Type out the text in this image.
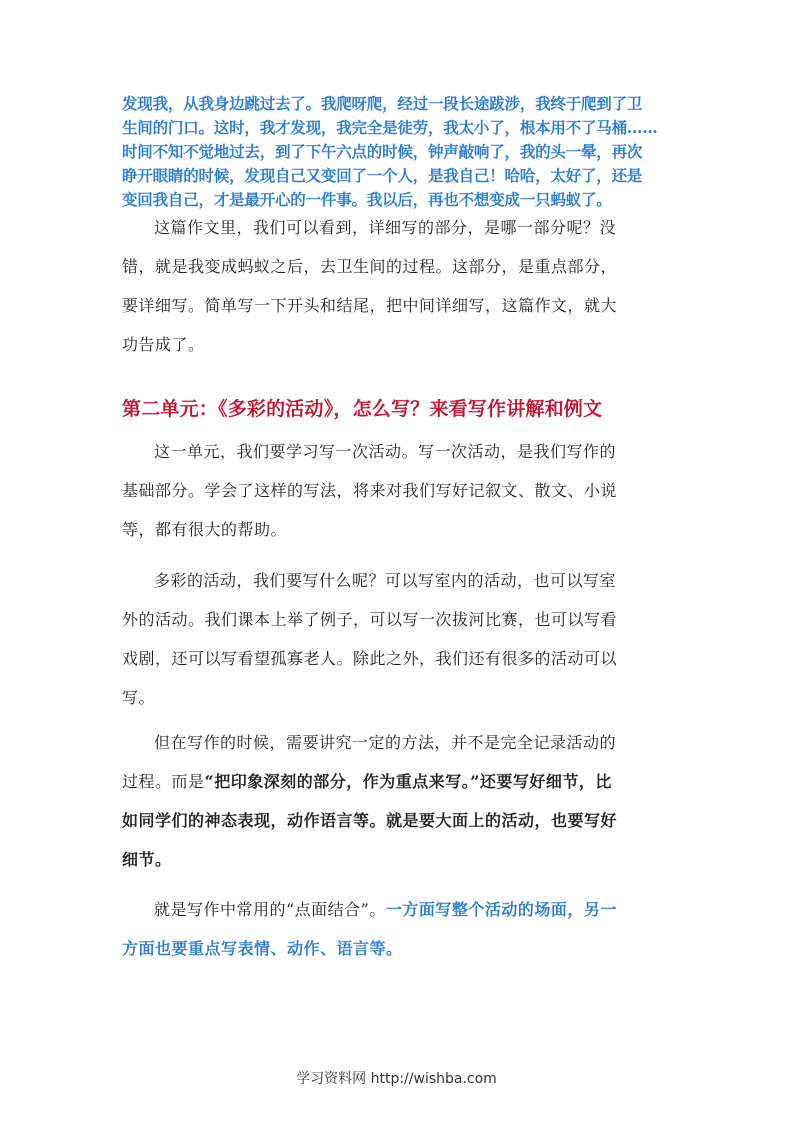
发现我，从我身边跳过去了。我爬呀爬，经过一段长途跋涉，我终于爬到了卫
生间的门口。这时，我才发现，我完全是徒劳，我太小了，根本用不了马桶……
时间不知不觉地过去，到了下午六点的时候，钟声敲响了，我的头一晕，再次
睁开眼睛的时候，发现自己又变回了一个人，是我自己！哈哈，太好了，还是
变回我自己，才是最开心的一件事。我以后，再也不想变成一只蚂蚁了。
这篇作文里，我们可以看到，详细写的部分，是哪一部分呢？没
错，就是我变成蚂蚁之后，去卫生间的过程。这部分，是重点部分，
要详细写。简单写一下开头和结尾，把中间详细写，这篇作文，就大
功告成了。
第二单元：《多彩的活动》，怎么写？来看写作讲解和例文
这一单元，我们要学习写一次活动。写一次活动，是我们写作的
基础部分。学会了这样的写法，将来对我们写好记叙文、散文、小说
等，都有很大的帮助。
多彩的活动，我们要写什么呢？可以写室内的活动，也可以写室
外的活动。我们课本上举了例子，可以写一次拔河比赛，也可以写看
戏剧，还可以写看望孤寡老人。除此之外，我们还有很多的活动可以
写。
但在写作的时候，需要讲究一定的方法，并不是完全记录活动的
过程。而是“把印象深刻的部分，作为重点来写。”还要写好细节，比
如同学们的神态表现，动作语言等。就是要大面上的活动，也要写好
细节。
就是写作中常用的“点面结合”。一方面写整个活动的场面，另一
方面也要重点写表情、动作、语言等。
学习资料网 http://wishba.com
